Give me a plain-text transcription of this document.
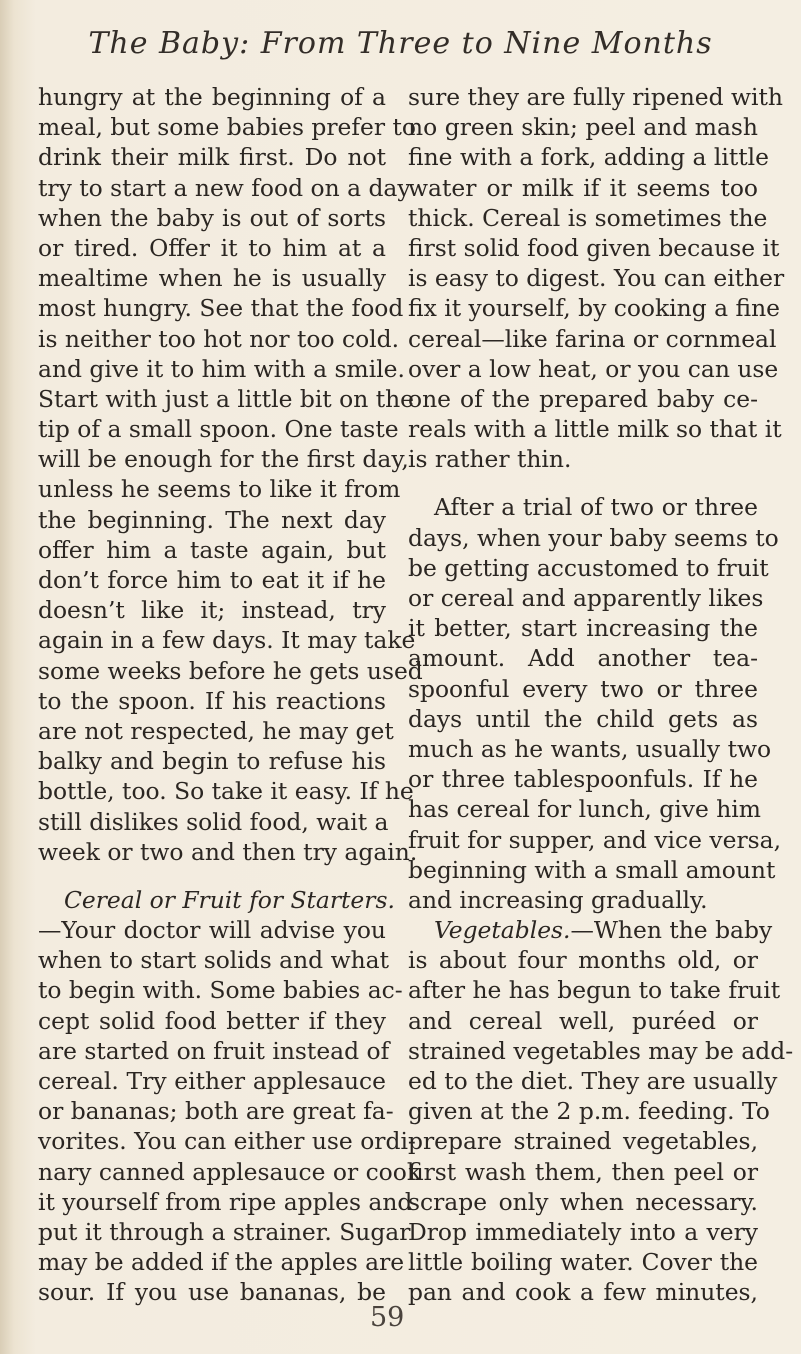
The Baby: From Three to Nine Months
hungry at the beginning of a
meal, but some babies prefer to
drink their milk first. Do not
try to start a new food on a day
when the baby is out of sorts
or tired. Offer it to him at a
mealtime when he is usually
most hungry. See that the food
is neither too hot nor too cold.
and give it to him with a smile.
Start with just a little bit on the
tip of a small spoon. One taste
will be enough for the first day,
unless he seems to like it from
the beginning. The next day
offer him a taste again, but
don’t force him to eat it if he
doesn’t like it; instead, try
again in a few days. It may take
some weeks before he gets used
to the spoon. If his reactions
are not respected, he may get
balky and begin to refuse his
bottle, too. So take it easy. If he
still dislikes solid food, wait a
week or two and then try again.
Cereal or Fruit for Starters.
—Your doctor will advise you
when to start solids and what
to begin with. Some babies ac-
cept solid food better if they
are started on fruit instead of
cereal. Try either applesauce
or bananas; both are great fa-
vorites. You can either use ordi-
nary canned applesauce or cook
it yourself from ripe apples and
put it through a strainer. Sugar
may be added if the apples are
sour. If you use bananas, be
sure they are fully ripened with
no green skin; peel and mash
fine with a fork, adding a little
water or milk if it seems too
thick. Cereal is sometimes the
first solid food given because it
is easy to digest. You can either
fix it yourself, by cooking a fine
cereal—like farina or cornmeal
over a low heat, or you can use
one of the prepared baby ce-
reals with a little milk so that it
is rather thin.
After a trial of two or three
days, when your baby seems to
be getting accustomed to fruit
or cereal and apparently likes
it better, start increasing the
amount. Add another tea-
spoonful every two or three
days until the child gets as
much as he wants, usually two
or three tablespoonfuls. If he
has cereal for lunch, give him
fruit for supper, and vice versa,
beginning with a small amount
and increasing gradually.
Vegetables.—When the baby
is about four months old, or
after he has begun to take fruit
and cereal well, puréed or
strained vegetables may be add-
ed to the diet. They are usually
given at the 2 p.m. feeding. To
prepare strained vegetables,
first wash them, then peel or
scrape only when necessary.
Drop immediately into a very
little boiling water. Cover the
pan and cook a few minutes,
59
